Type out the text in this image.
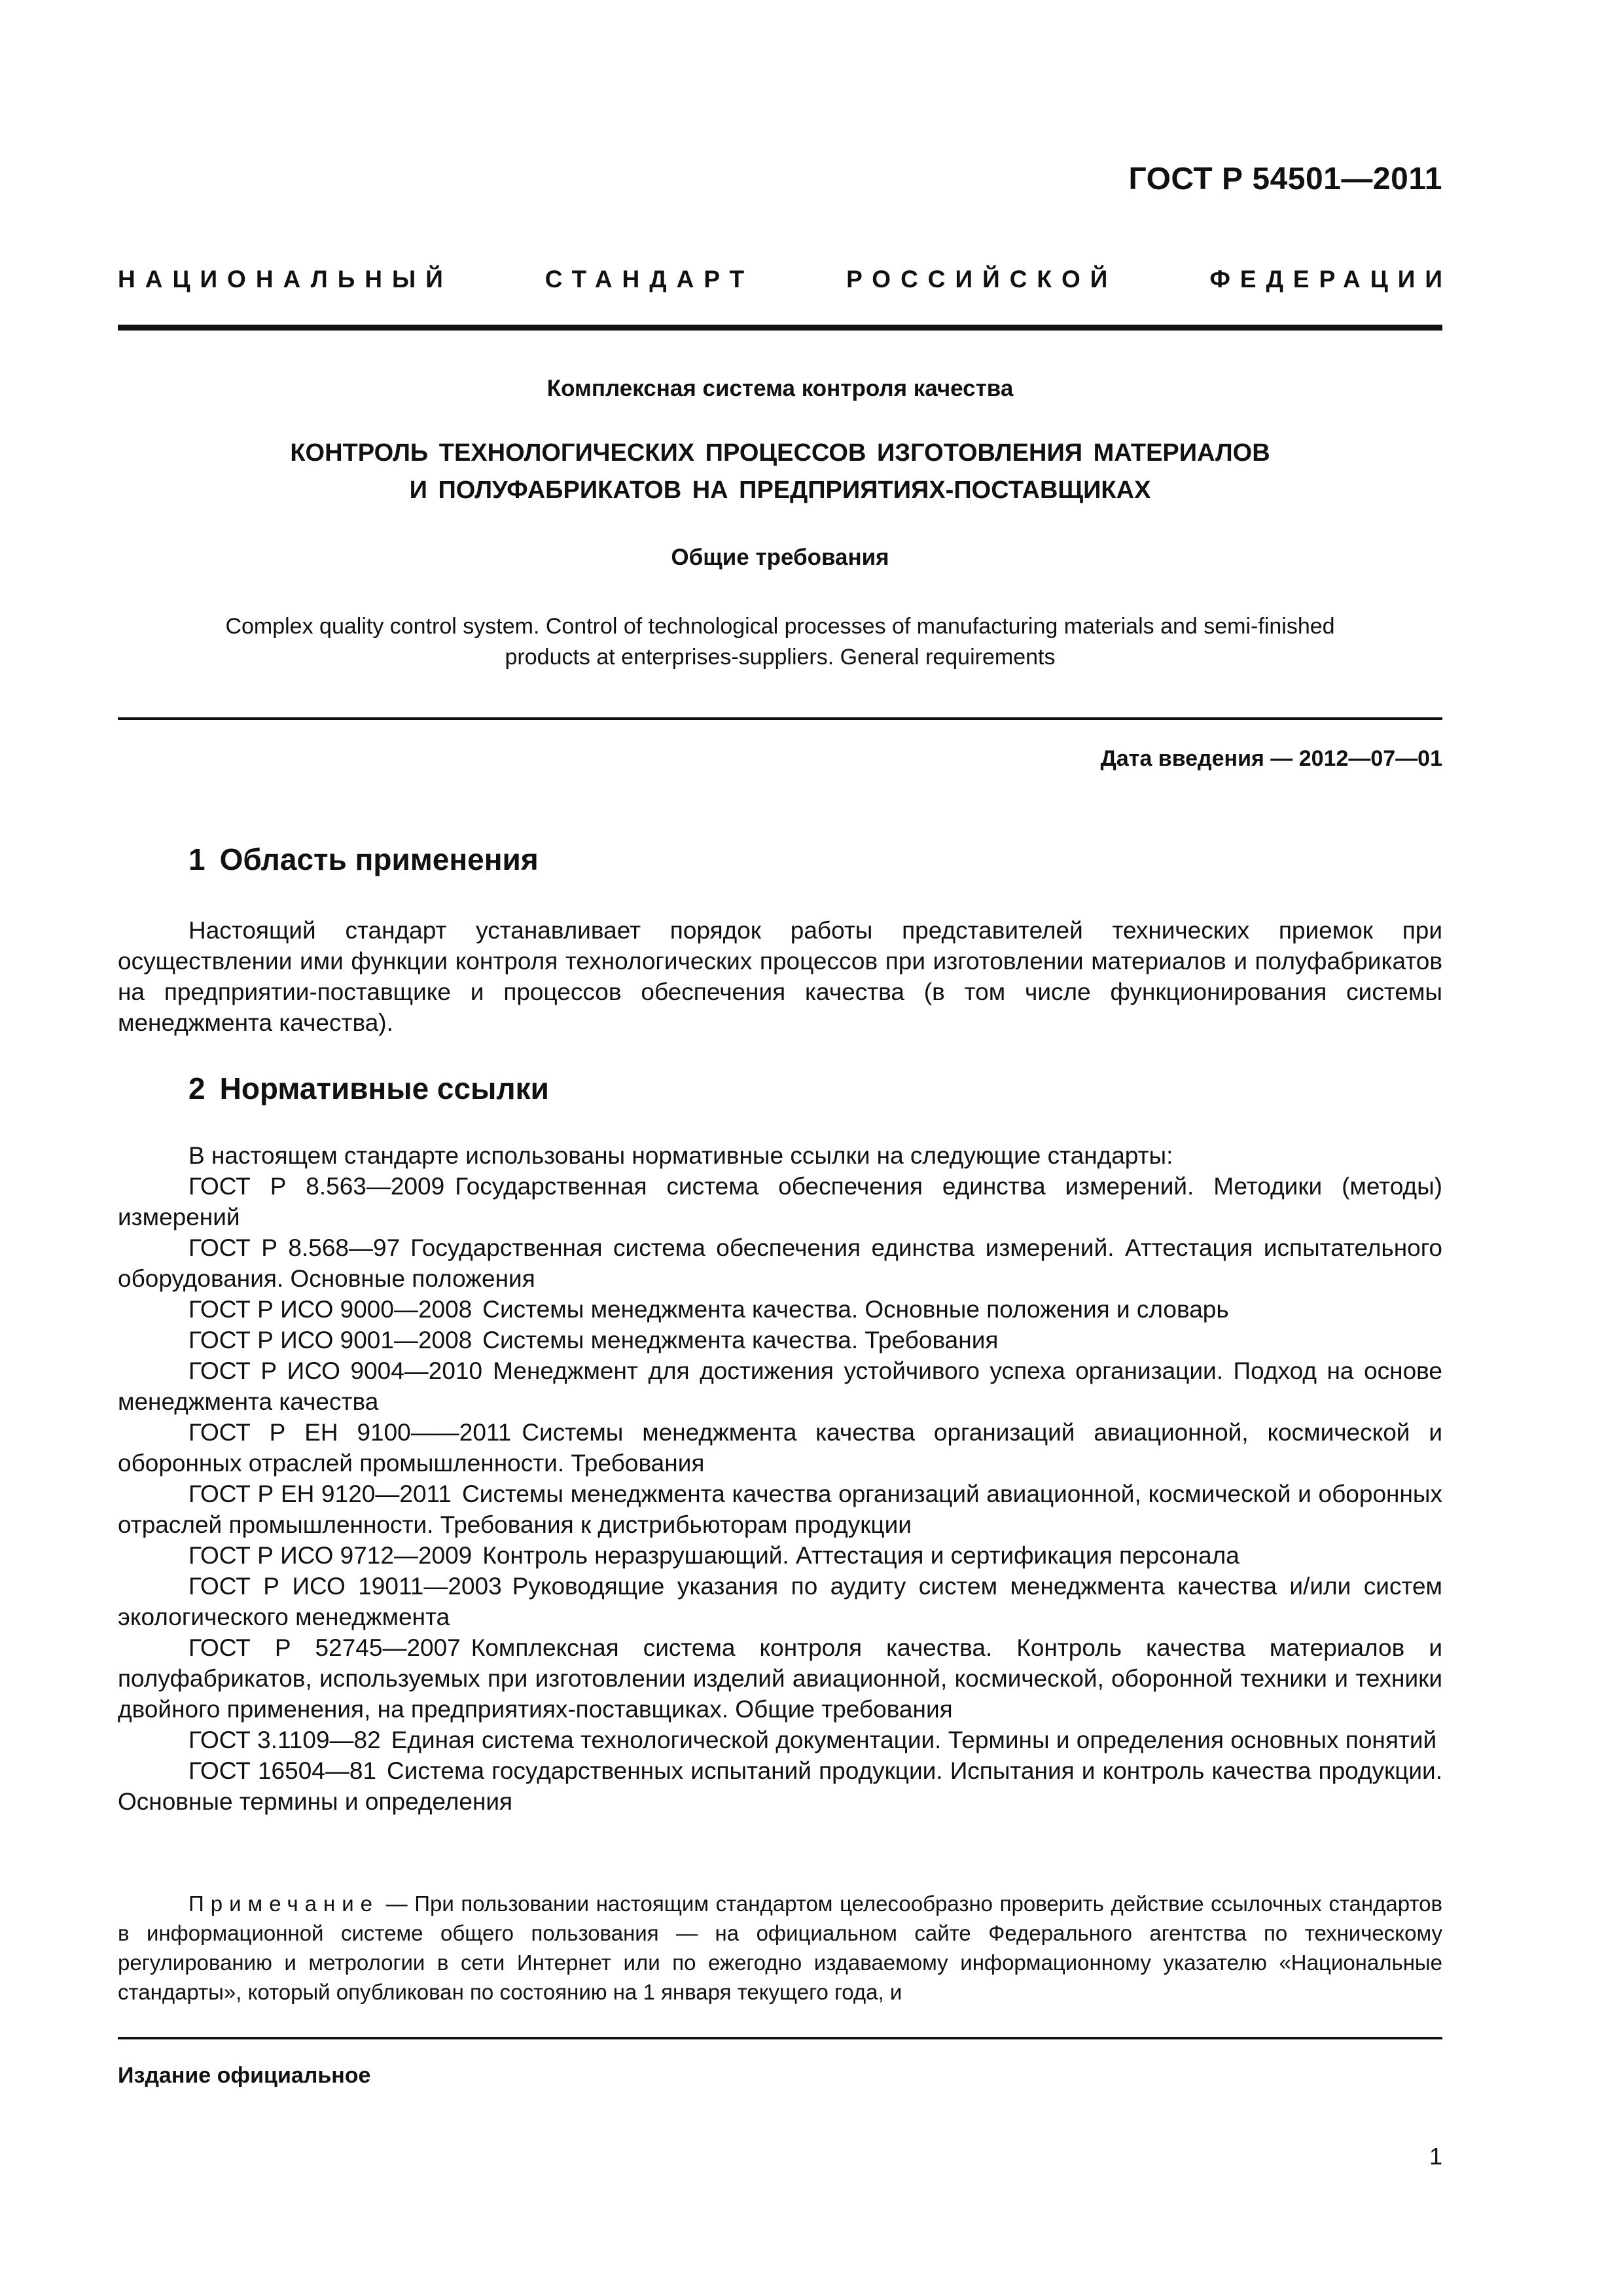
ГОСТ Р 54501—2011
НАЦИОНАЛЬНЫЙ	СТАНДАРТ	РОССИЙСКОЙ	ФЕДЕРАЦИИ
Комплексная система контроля качества
КОНТРОЛЬ ТЕХНОЛОГИЧЕСКИХ ПРОЦЕССОВ ИЗГОТОВЛЕНИЯ МАТЕРИАЛОВ
И ПОЛУФАБРИКАТОВ НА ПРЕДПРИЯТИЯХ-ПОСТАВЩИКАХ
Общие требования
Complex quality control system. Control of technological processes of manufacturing materials and semi-finished
products at enterprises-suppliers. General requirements
Дата введения — 2012—07—01
1 Область применения

Настоящий стандарт устанавливает порядок работы представителей технических приемок при осуществлении ими функции контроля технологических процессов при изготовлении материалов и полуфабрикатов на предприятии-поставщике и процессов обеспечения качества (в том числе функционирования системы менеджмента качества).

2 Нормативные ссылки

В настоящем стандарте использованы нормативные ссылки на следующие стандарты:

ГОСТ Р 8.563—2009 Государственная система обеспечения единства измерений. Методики (методы) измерений

ГОСТ Р 8.568—97 Государственная система обеспечения единства измерений. Аттестация испытательного оборудования. Основные положения

ГОСТ Р ИСО 9000—2008 Системы менеджмента качества. Основные положения и словарь

ГОСТ Р ИСО 9001—2008 Системы менеджмента качества. Требования

ГОСТ Р ИСО 9004—2010 Менеджмент для достижения устойчивого успеха организации. Подход на основе менеджмента качества

ГОСТ Р ЕН 9100——2011 Системы менеджмента качества организаций авиационной, космической и оборонных отраслей промышленности. Требования

ГОСТ Р ЕН 9120—2011 Системы менеджмента качества организаций авиационной, космической и оборонных отраслей промышленности. Требования к дистрибьюторам продукции

ГОСТ Р ИСО 9712—2009 Контроль неразрушающий. Аттестация и сертификация персонала

ГОСТ Р ИСО 19011—2003 Руководящие указания по аудиту систем менеджмента качества и/или систем экологического менеджмента

ГОСТ Р 52745—2007 Комплексная система контроля качества. Контроль качества материалов и полуфабрикатов, используемых при изготовлении изделий авиационной, космической, оборонной техники и техники двойного применения, на предприятиях-поставщиках. Общие требования

ГОСТ 3.1109—82 Единая система технологической документации. Термины и определения основных понятий

ГОСТ 16504—81 Система государственных испытаний продукции. Испытания и контроль качества продукции. Основные термины и определения

Примечание — При пользовании настоящим стандартом целесообразно проверить действие ссылочных стандартов в информационной системе общего пользования — на официальном сайте Федерального агентства по техническому регулированию и метрологии в сети Интернет или по ежегодно издаваемому информационному указателю «Национальные стандарты», который опубликован по состоянию на 1 января текущего года, и
Издание официальное
1
